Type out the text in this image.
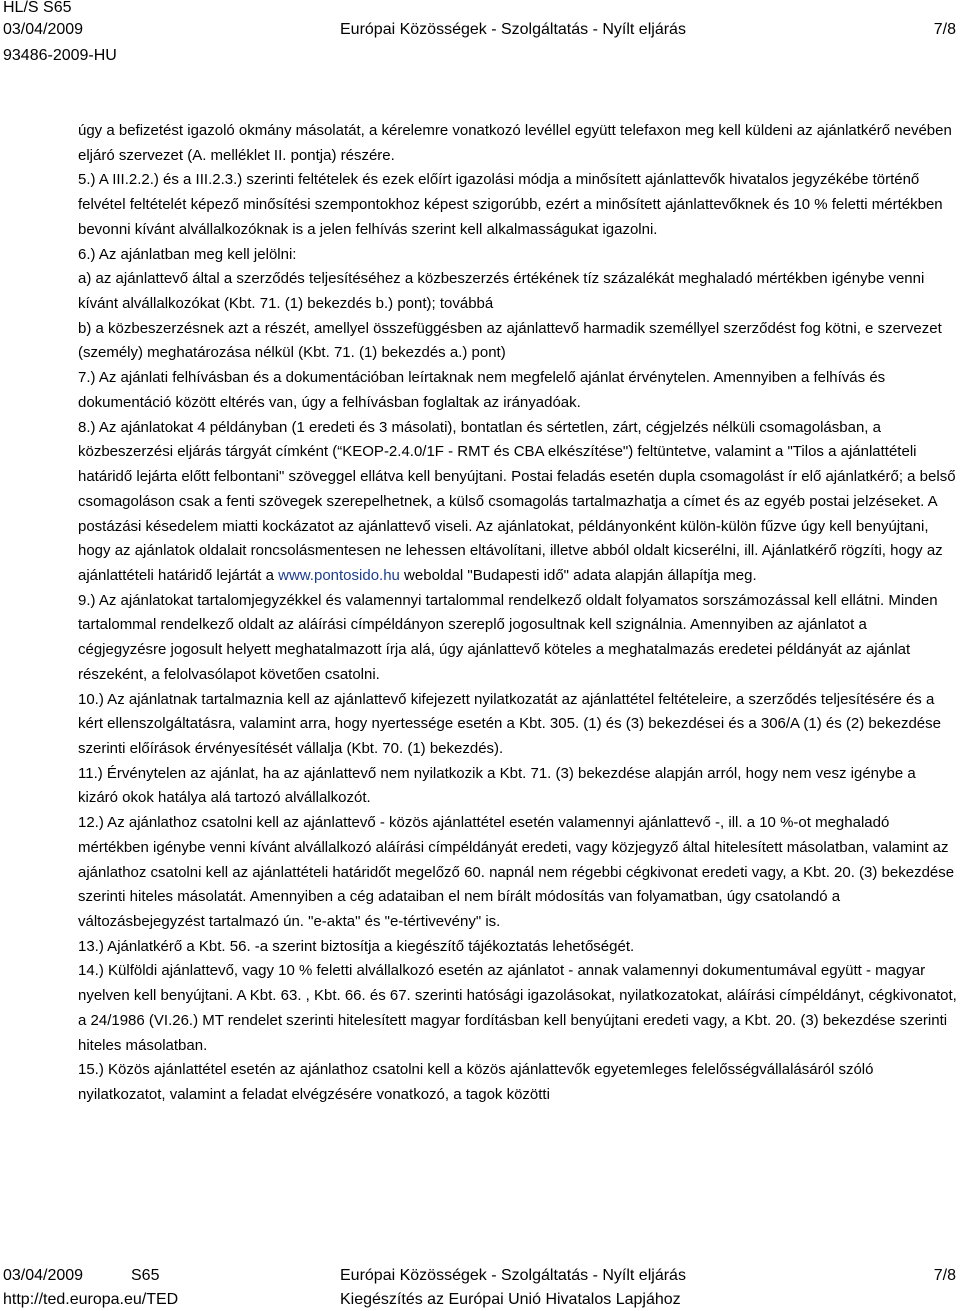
HL/S S65
03/04/2009
93486-2009-HU
Európai Közösségek - Szolgáltatás - Nyílt eljárás	7/8

úgy a befizetést igazoló okmány másolatát, a kérelemre vonatkozó levéllel együtt telefaxon meg kell küldeni az ajánlatkérő nevében eljáró szervezet (A. melléklet II. pontja) részére.

5.) A III.2.2.) és a III.2.3.) szerinti feltételek és ezek előírt igazolási módja a minősített ajánlattevők hivatalos jegyzékébe történő felvétel feltételét képező minősítési szempontokhoz képest szigorúbb, ezért a minősített ajánlattevőknek és 10 % feletti mértékben bevonni kívánt alvállalkozóknak is a jelen felhívás szerint kell alkalmasságukat igazolni.

6.) Az ajánlatban meg kell jelölni:

a) az ajánlattevő által a szerződés teljesítéséhez a közbeszerzés értékének tíz százalékát meghaladó mértékben igénybe venni kívánt alvállalkozókat (Kbt. 71. (1) bekezdés b.) pont); továbbá

b) a közbeszerzésnek azt a részét, amellyel összefüggésben az ajánlattevő harmadik személlyel szerződést fog kötni, e szervezet (személy) meghatározása nélkül (Kbt. 71. (1) bekezdés a.) pont)

7.) Az ajánlati felhívásban és a dokumentációban leírtaknak nem megfelelő ajánlat érvénytelen. Amennyiben a felhívás és dokumentáció között eltérés van, úgy a felhívásban foglaltak az irányadóak.

8.) Az ajánlatokat 4 példányban (1 eredeti és 3 másolati), bontatlan és sértetlen, zárt, cégjelzés nélküli csomagolásban, a közbeszerzési eljárás tárgyát címként (“KEOP-2.4.0/1F - RMT és CBA elkészítése") feltüntetve, valamint a "Tilos a ajánlattételi határidő lejárta előtt felbontani" szöveggel ellátva kell benyújtani. Postai feladás esetén dupla csomagolást ír elő ajánlatkérő; a belső csomagoláson csak a fenti szövegek szerepelhetnek, a külső csomagolás tartalmazhatja a címet és az egyéb postai jelzéseket. A postázási késedelem miatti kockázatot az ajánlattevő viseli. Az ajánlatokat, példányonként külön-külön fűzve úgy kell benyújtani, hogy az ajánlatok oldalait roncsolásmentesen ne lehessen eltávolítani, illetve abból oldalt kicserélni, ill. Ajánlatkérő rögzíti, hogy az ajánlattételi határidő lejártát a www.pontosido.hu weboldal "Budapesti idő" adata alapján állapítja meg.

9.) Az ajánlatokat tartalomjegyzékkel és valamennyi tartalommal rendelkező oldalt folyamatos sorszámozással kell ellátni. Minden tartalommal rendelkező oldalt az aláírási címpéldányon szereplő jogosultnak kell szignálnia. Amennyiben az ajánlatot a cégjegyzésre jogosult helyett meghatalmazott írja alá, úgy ajánlattevő köteles a meghatalmazás eredetei példányát az ajánlat részeként, a felolvasólapot követően csatolni.

10.) Az ajánlatnak tartalmaznia kell az ajánlattevő kifejezett nyilatkozatát az ajánlattétel feltételeire, a szerződés teljesítésére és a kért ellenszolgáltatásra, valamint arra, hogy nyertessége esetén a Kbt. 305. (1) és (3) bekezdései és a 306/A (1) és (2) bekezdése szerinti előírások érvényesítését vállalja (Kbt. 70. (1) bekezdés).

11.) Érvénytelen az ajánlat, ha az ajánlattevő nem nyilatkozik a Kbt. 71. (3) bekezdése alapján arról, hogy nem vesz igénybe a kizáró okok hatálya alá tartozó alvállalkozót.

12.) Az ajánlathoz csatolni kell az ajánlattevő - közös ajánlattétel esetén valamennyi ajánlattevő -, ill. a 10 %-ot meghaladó mértékben igénybe venni kívánt alvállalkozó aláírási címpéldányát eredeti, vagy közjegyző által hitelesített másolatban, valamint az ajánlathoz csatolni kell az ajánlattételi határidőt megelőző 60. napnál nem régebbi cégkivonat eredeti vagy, a Kbt. 20. (3) bekezdése szerinti hiteles másolatát. Amennyiben a cég adataiban el nem bírált módosítás van folyamatban, úgy csatolandó a változásbejegyzést tartalmazó ún. "e-akta" és "e-tértivevény" is.

13.) Ajánlatkérő a Kbt. 56. -a szerint biztosítja a kiegészítő tájékoztatás lehetőségét.

14.) Külföldi ajánlattevő, vagy 10 % feletti alvállalkozó esetén az ajánlatot - annak valamennyi dokumentumával együtt - magyar nyelven kell benyújtani. A Kbt. 63. , Kbt. 66. és 67. szerinti hatósági igazolásokat, nyilatkozatokat, aláírási címpéldányt, cégkivonatot, a 24/1986 (VI.26.) MT rendelet szerinti hitelesített magyar fordításban kell benyújtani eredeti vagy, a Kbt. 20. (3) bekezdése szerinti hiteles másolatban.

15.) Közös ajánlattétel esetén az ajánlathoz csatolni kell a közös ajánlattevők egyetemleges felelősségvállalásáról szóló nyilatkozatot, valamint a feladat elvégzésére vonatkozó, a tagok közötti

03/04/2009	S65	Európai Közösségek - Szolgáltatás - Nyílt eljárás	7/8
http://ted.europa.eu/TED	Kiegészítés az Európai Unió Hivatalos Lapjához
